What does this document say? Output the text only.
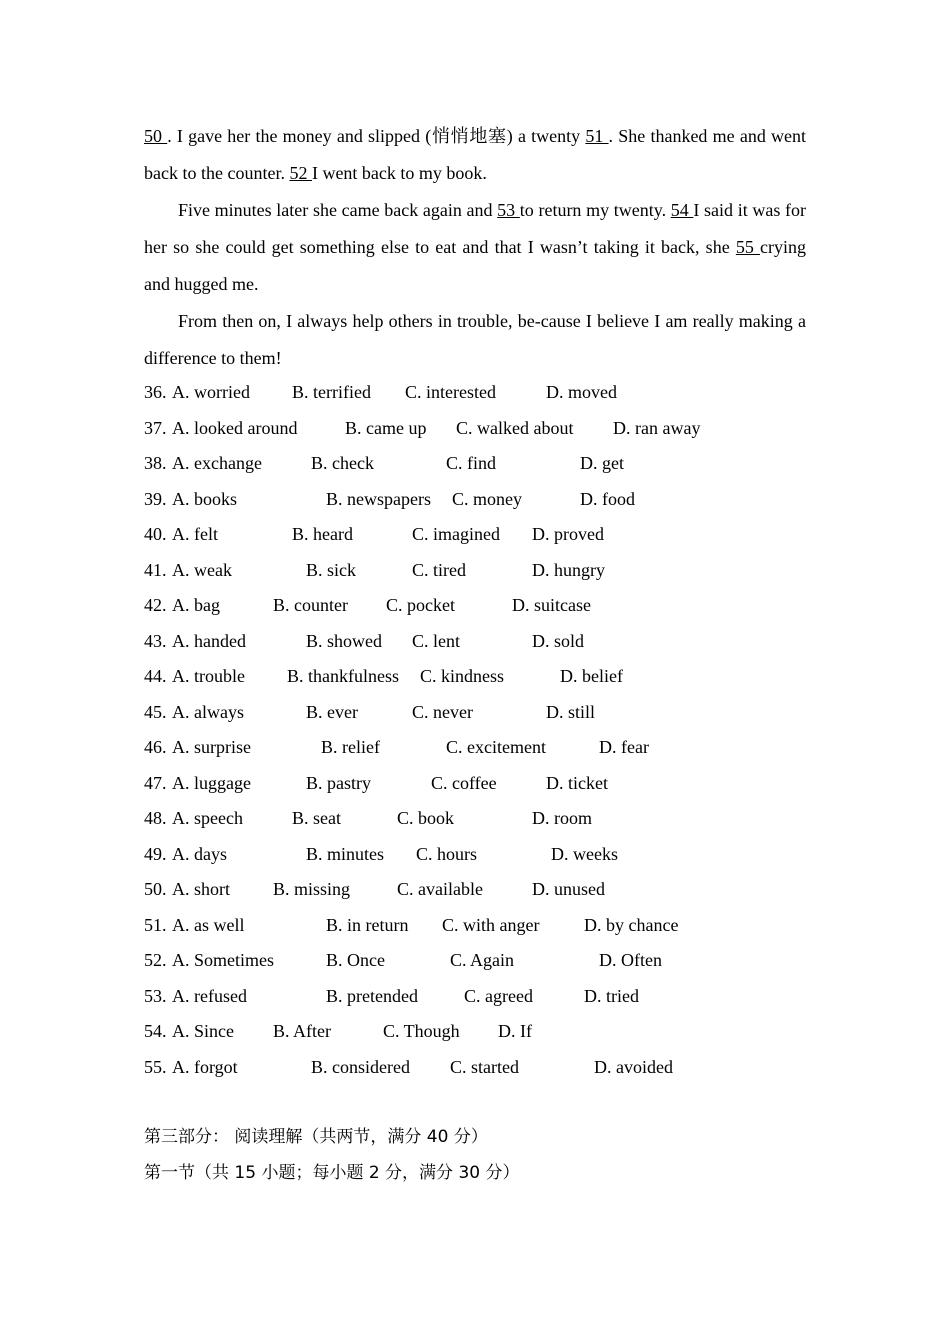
50 . I gave her the money and slipped (悄悄地塞) a twenty 51 . She thanked me and went back to the counter. 52 I went back to my book.

Five minutes later she came back again and 53 to return my twenty. 54 I said it was for her so she could get something else to eat and that I wasn’t taking it back, she 55 crying and hugged me.

From then on, I always help others in trouble, be-cause I believe I am really making a difference to them!

36. A. worried B. terrified C. interested	D. moved
37. A. looked around	B. came up C. walked about D. ran away
38. A. exchange	B. check	C. find	D. get
39. A. books	B. newspapers C. money	D. food
40. A. felt	B. heard	C. imagined D. proved
41. A. weak	B. sick	C. tired	D. hungry
42. A. bag	B. counter C. pocket	D. suitcase
43. A. handed	B. showed C. lent	D. sold
44. A. trouble B. thankfulness C. kindness	D. belief
45. A. always	B. ever	C. never	D. still
46. A. surprise	B. relief	C. excitement	D. fear
47. A. luggage	B. pastry	C. coffee	D. ticket
48. A. speech	B. seat	C. book	D. room
49. A. days	B. minutes C. hours	D. weeks
50. A. short B. missing	C. available	D. unused
51. A. as well	B. in return C. with anger D. by chance
52. A. Sometimes	B. Once	C. Again	D. Often
53. A. refused	B. pretended	C. agreed	D. tried
54. A. Since B. After	C. Though D. If
55. A. forgot	B. considered C. started	D. avoided
第三部分： 阅读理解（共两节，满分 40 分）
第一节（共 15 小题；每小题 2 分，满分 30 分）
